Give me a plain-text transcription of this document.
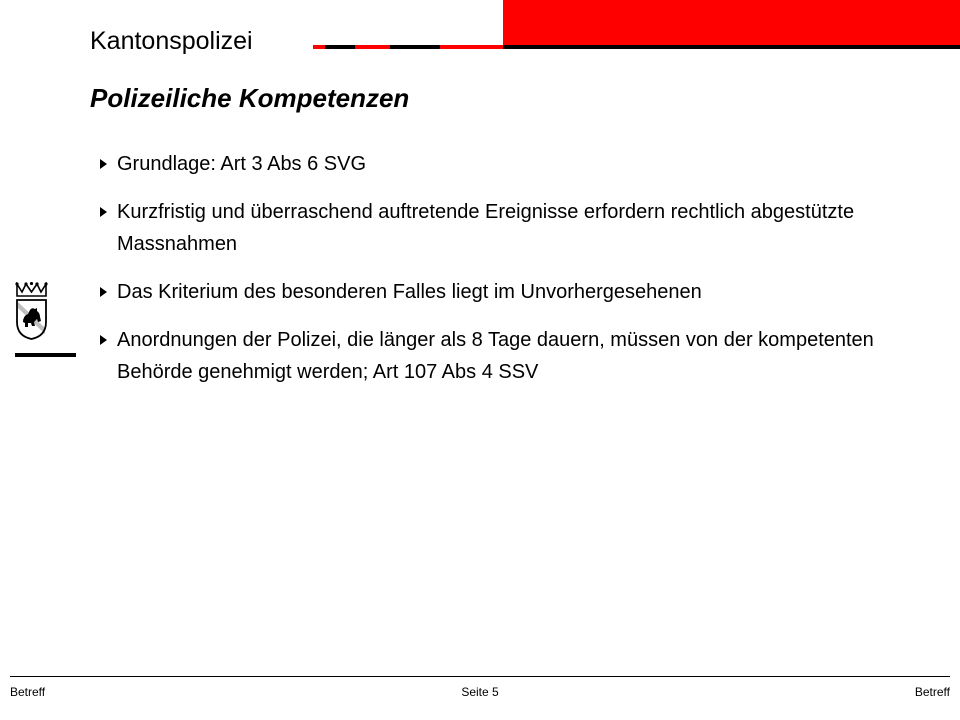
Kantonspolizei
Polizeiliche Kompetenzen
Grundlage: Art 3 Abs 6 SVG
Kurzfristig und überraschend auftretende Ereignisse erfordern rechtlich abgestützte Massnahmen
Das Kriterium des besonderen Falles liegt im Unvorhergesehenen
Anordnungen der Polizei, die länger als 8 Tage dauern, müssen von der kompetenten Behörde genehmigt werden; Art 107 Abs 4 SSV
Betreff	Seite 5	Betreff
